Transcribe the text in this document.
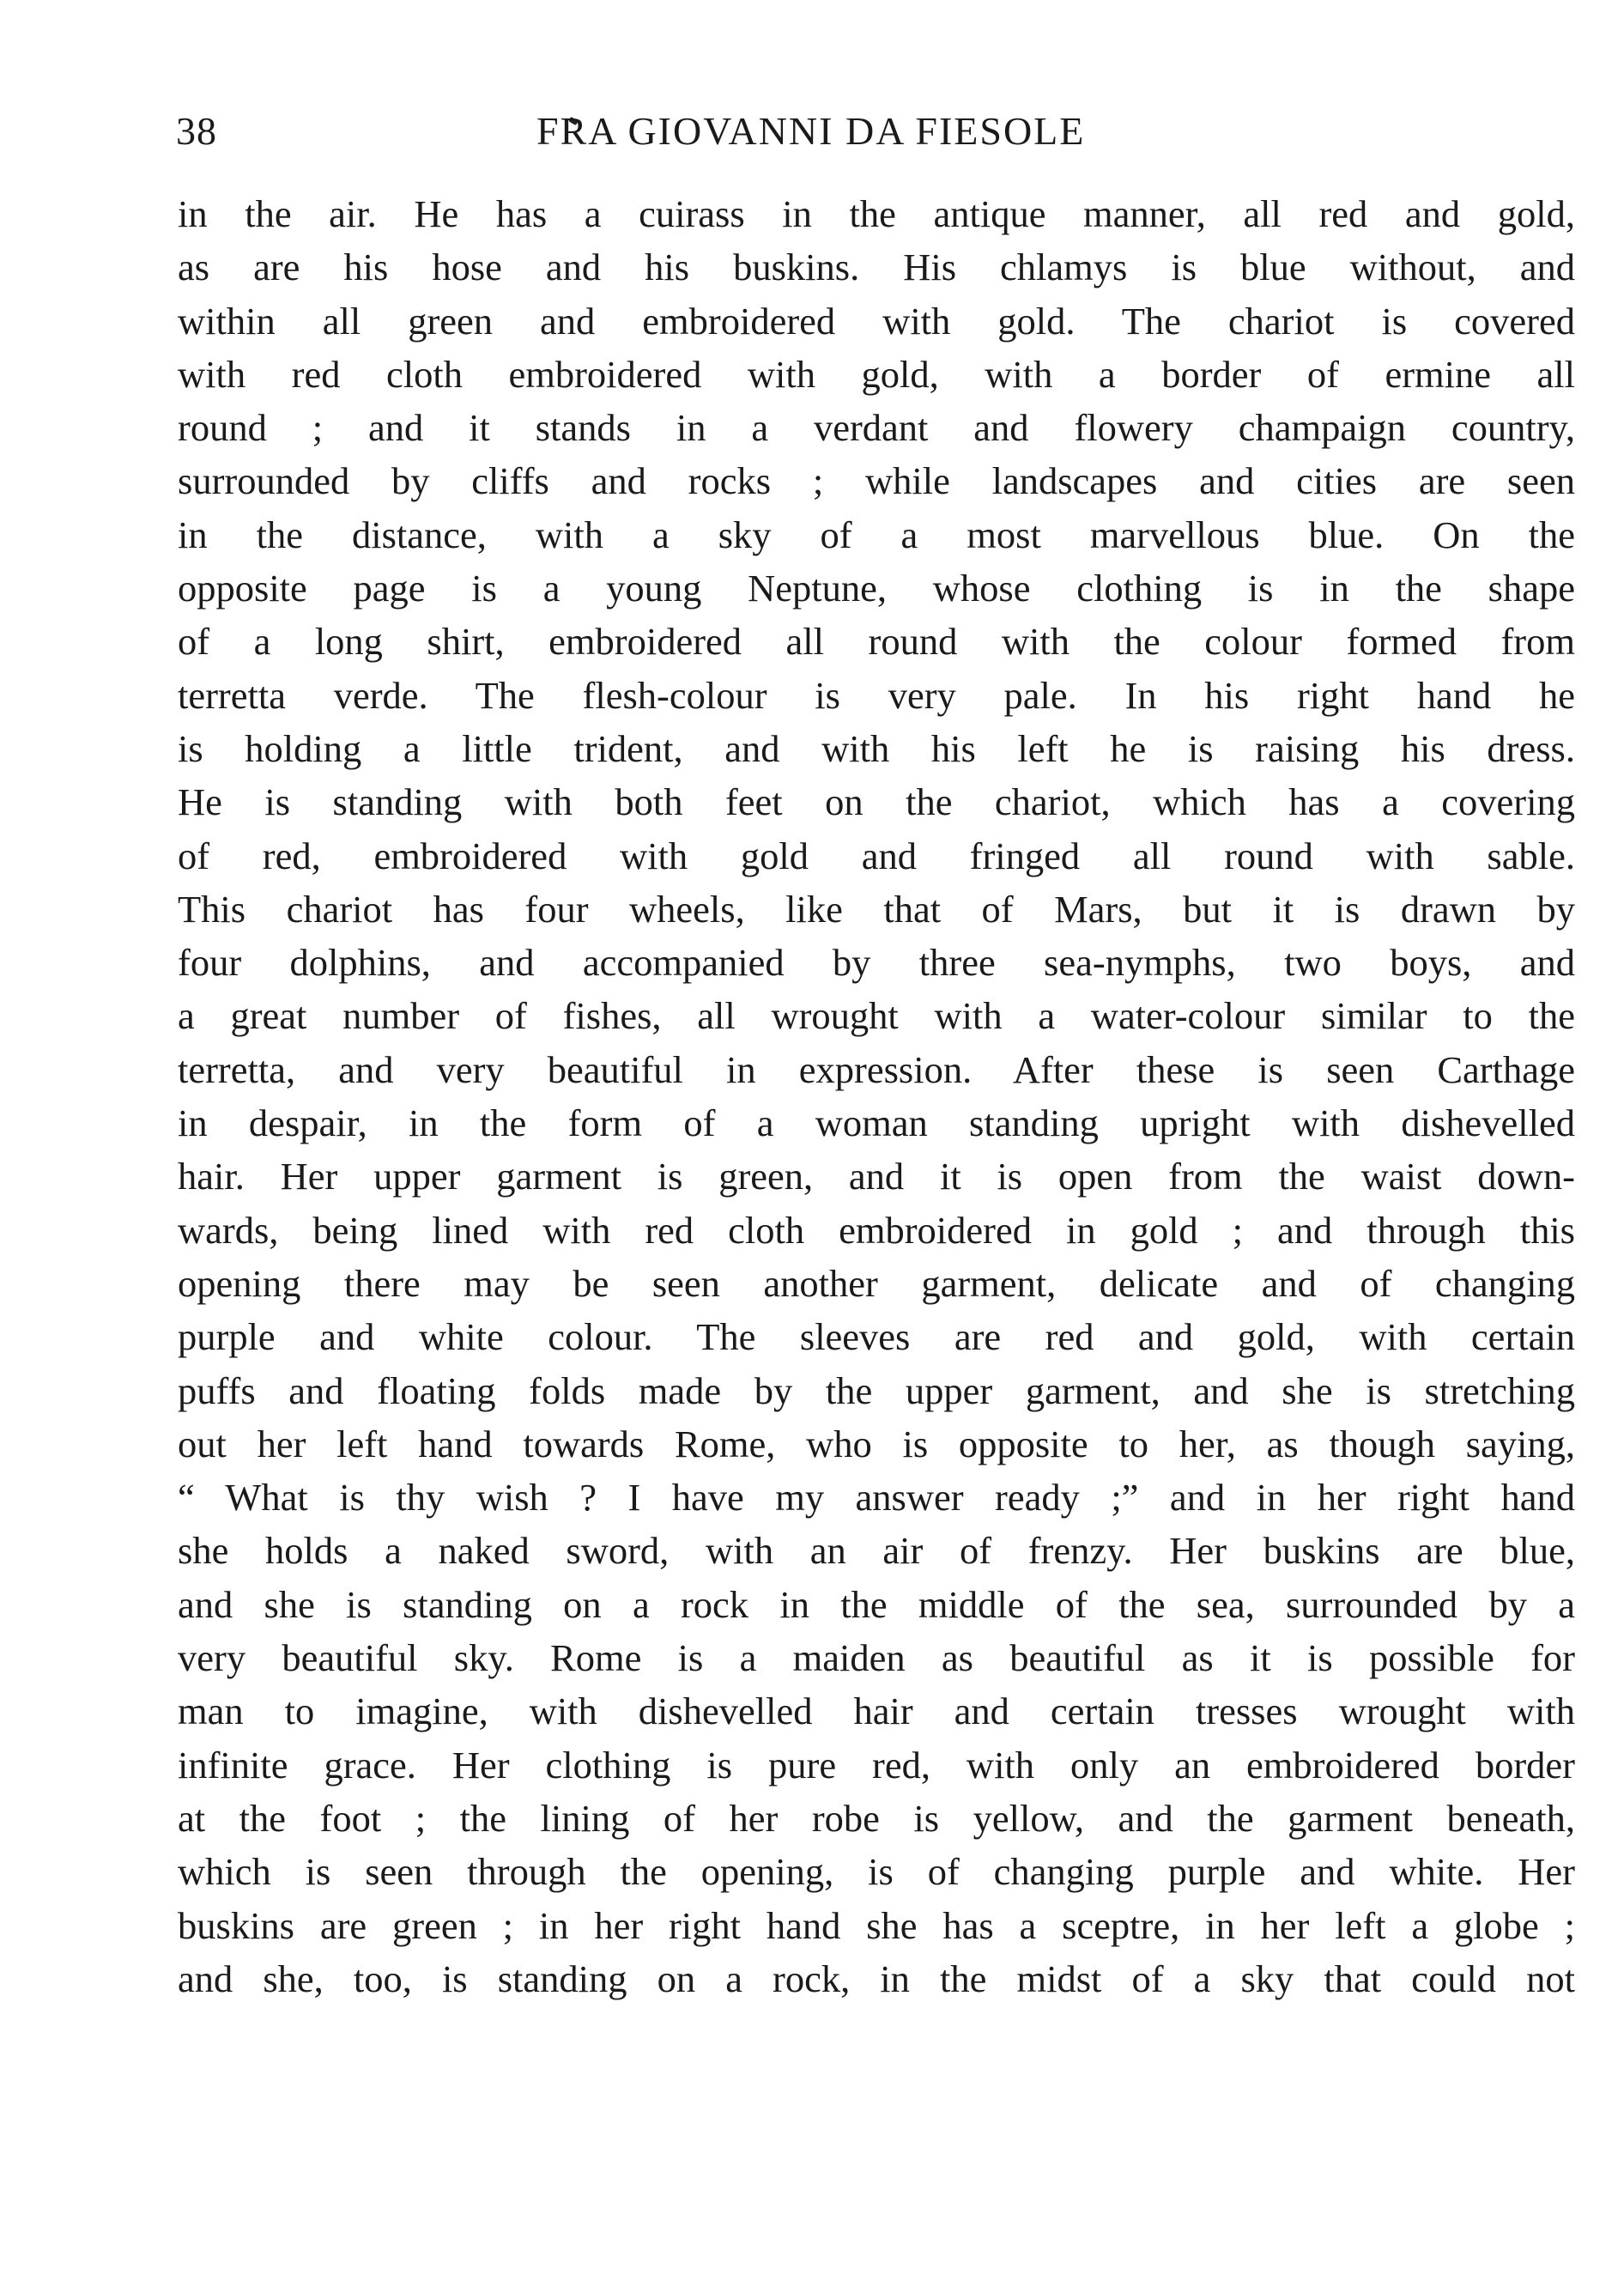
38	FRA GIOVANNI DA FIESOLE
in the air. He has a cuirass in the antique manner, all red and gold,
as are his hose and his buskins. His chlamys is blue without, and
within all green and embroidered with gold. The chariot is covered
with red cloth embroidered with gold, with a border of ermine all
round ; and it stands in a verdant and flowery champaign country,
surrounded by cliffs and rocks ; while landscapes and cities are seen
in the distance, with a sky of a most marvellous blue. On the
opposite page is a young Neptune, whose clothing is in the shape
of a long shirt, embroidered all round with the colour formed from
terretta verde. The flesh-colour is very pale. In his right hand he
is holding a little trident, and with his left he is raising his dress.
He is standing with both feet on the chariot, which has a covering
of red, embroidered with gold and fringed all round with sable.
This chariot has four wheels, like that of Mars, but it is drawn by
four dolphins, and accompanied by three sea-nymphs, two boys, and
a great number of fishes, all wrought with a water-colour similar to the
terretta, and very beautiful in expression. After these is seen Carthage
in despair, in the form of a woman standing upright with dishevelled
hair. Her upper garment is green, and it is open from the waist down-
wards, being lined with red cloth embroidered in gold ; and through this
opening there may be seen another garment, delicate and of changing
purple and white colour. The sleeves are red and gold, with certain
puffs and floating folds made by the upper garment, and she is stretching
out her left hand towards Rome, who is opposite to her, as though saying,
“ What is thy wish ? I have my answer ready ;” and in her right hand
she holds a naked sword, with an air of frenzy. Her buskins are blue,
and she is standing on a rock in the middle of the sea, surrounded by a
very beautiful sky. Rome is a maiden as beautiful as it is possible for
man to imagine, with dishevelled hair and certain tresses wrought with
infinite grace. Her clothing is pure red, with only an embroidered border
at the foot ; the lining of her robe is yellow, and the garment beneath,
which is seen through the opening, is of changing purple and white. Her
buskins are green ; in her right hand she has a sceptre, in her left a globe ;
and she, too, is standing on a rock, in the midst of a sky that could not
